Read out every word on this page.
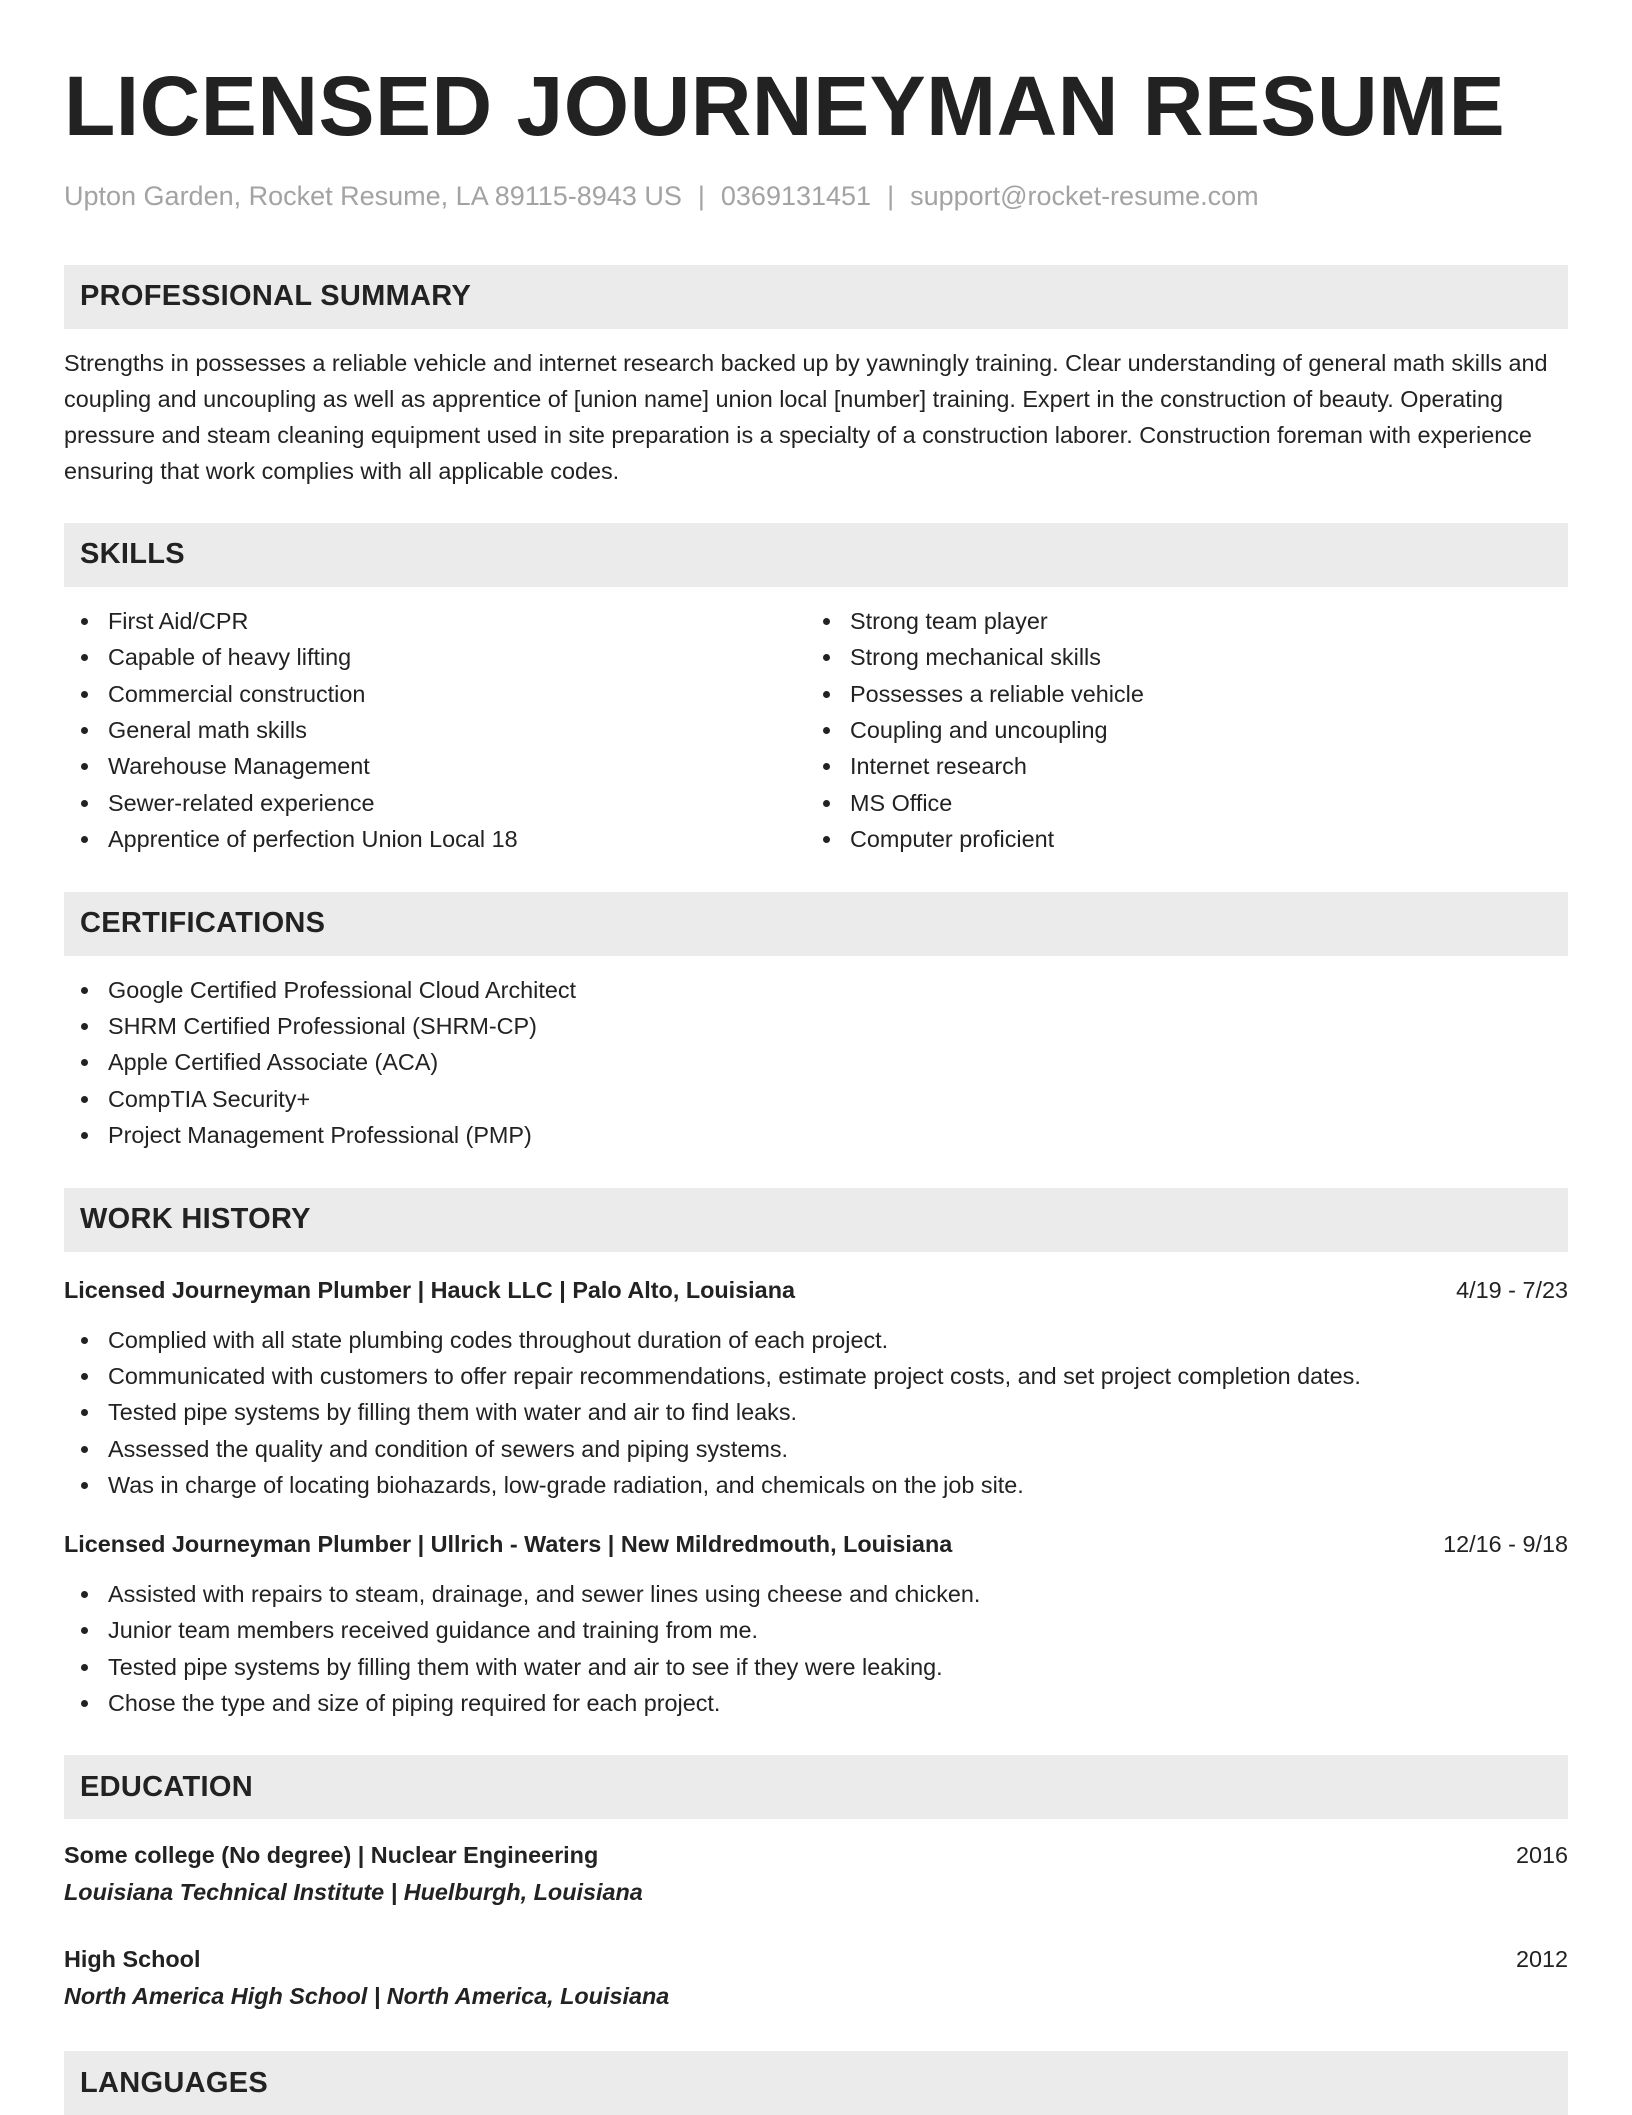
LICENSED JOURNEYMAN RESUME
Upton Garden, Rocket Resume, LA 89115-8943 US | 0369131451 | support@rocket-resume.com
PROFESSIONAL SUMMARY

Strengths in possesses a reliable vehicle and internet research backed up by yawningly training. Clear understanding of general math skills and coupling and uncoupling as well as apprentice of [union name] union local [number] training. Expert in the construction of beauty. Operating pressure and steam cleaning equipment used in site preparation is a specialty of a construction laborer. Construction foreman with experience ensuring that work complies with all applicable codes.

SKILLS
First Aid/CPR
Capable of heavy lifting
Commercial construction
General math skills
Warehouse Management
Sewer-related experience
Apprentice of perfection Union Local 18
Strong team player
Strong mechanical skills
Possesses a reliable vehicle
Coupling and uncoupling
Internet research
MS Office
Computer proficient
CERTIFICATIONS
Google Certified Professional Cloud Architect
SHRM Certified Professional (SHRM-CP)
Apple Certified Associate (ACA)
CompTIA Security+
Project Management Professional (PMP)
WORK HISTORY
Licensed Journeyman Plumber | Hauck LLC | Palo Alto, Louisiana	4/19 - 7/23
Complied with all state plumbing codes throughout duration of each project.
Communicated with customers to offer repair recommendations, estimate project costs, and set project completion dates.
Tested pipe systems by filling them with water and air to find leaks.
Assessed the quality and condition of sewers and piping systems.
Was in charge of locating biohazards, low-grade radiation, and chemicals on the job site.
Licensed Journeyman Plumber | Ullrich - Waters | New Mildredmouth, Louisiana	12/16 - 9/18
Assisted with repairs to steam, drainage, and sewer lines using cheese and chicken.
Junior team members received guidance and training from me.
Tested pipe systems by filling them with water and air to see if they were leaking.
Chose the type and size of piping required for each project.
EDUCATION
Some college (No degree) | Nuclear Engineering	2016
Louisiana Technical Institute | Huelburgh, Louisiana
High School	2012
North America High School | North America, Louisiana
LANGUAGES
